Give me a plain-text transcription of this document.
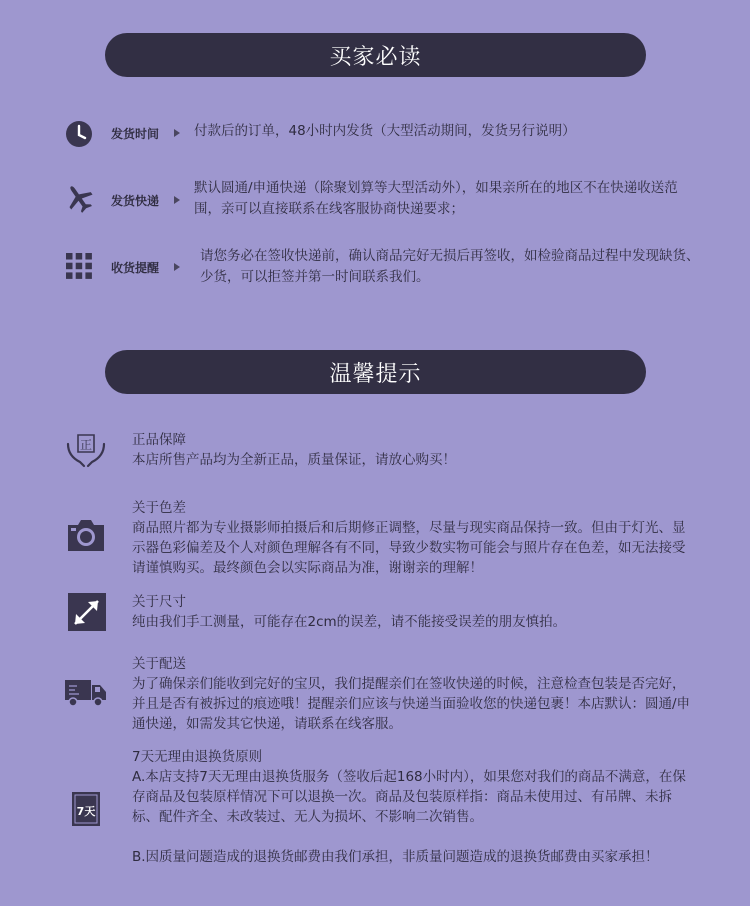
买家必读
发货时间	付款后的订单，48小时内发货（大型活动期间，发货另行说明）
发货快递
默认圆通/申通快递（除聚划算等大型活动外），如果亲所在的地区不在快递收送范围，亲可以直接联系在线客服协商快递要求；
收货提醒
请您务必在签收快递前，确认商品完好无损后再签收，如检验商品过程中发现缺货、少货，可以拒签并第一时间联系我们。
温馨提示
正	正品保障

本店所售产品均为全新正品，质量保证，请放心购买！

关于色差

商品照片都为专业摄影师拍摄后和后期修正调整，尽量与现实商品保持一致。但由于灯光、显示器色彩偏差及个人对颜色理解各有不同，导致少数实物可能会与照片存在色差，如无法接受请谨慎购买。最终颜色会以实际商品为准，谢谢亲的理解！

关于尺寸

纯由我们手工测量，可能存在2cm的误差，请不能接受误差的朋友慎拍。

关于配送

为了确保亲们能收到完好的宝贝，我们提醒亲们在签收快递的时候，注意检查包装是否完好，并且是否有被拆过的痕迹哦！提醒亲们应该与快递当面验收您的快递包裹！本店默认：圆通/申通快递，如需发其它快递，请联系在线客服。

7天
7天无理由退换货原则

A.本店支持7天无理由退换货服务（签收后起168小时内），如果您对我们的商品不满意，在保存商品及包装原样情况下可以退换一次。商品及包装原样指：商品未使用过、有吊牌、未拆标、配件齐全、未改装过、无人为损坏、不影响二次销售。

B.因质量问题造成的退换货邮费由我们承担，非质量问题造成的退换货邮费由买家承担！
